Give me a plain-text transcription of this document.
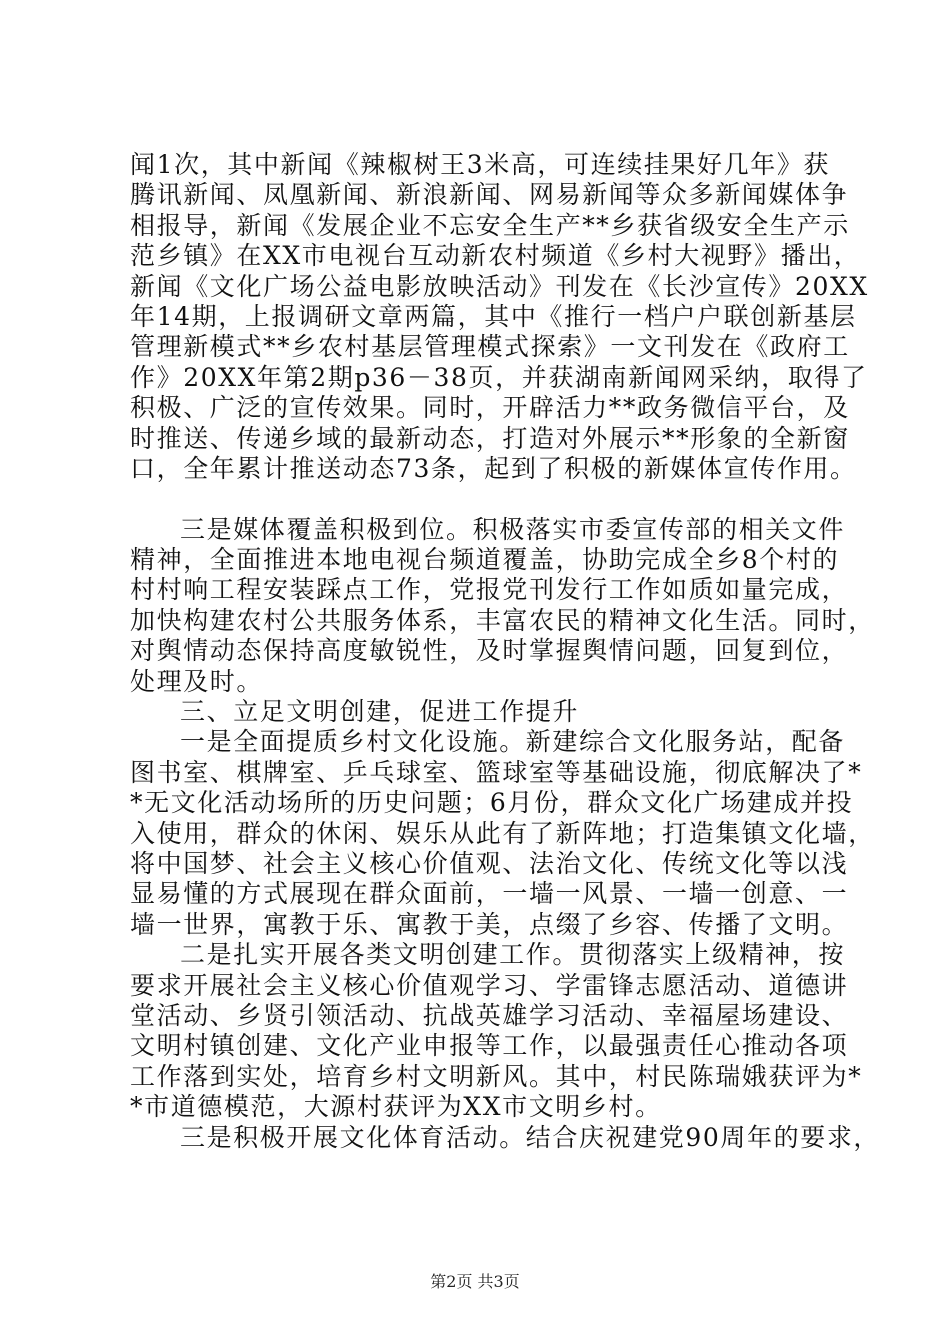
闻1次，其中新闻《辣椒树王3米高，可连续挂果好几年》获
腾讯新闻、凤凰新闻、新浪新闻、网易新闻等众多新闻媒体争
相报导，新闻《发展企业不忘安全生产**乡获省级安全生产示
范乡镇》在XX市电视台互动新农村频道《乡村大视野》播出，
新闻《文化广场公益电影放映活动》刊发在《长沙宣传》20XX
年14期，上报调研文章两篇，其中《推行一档户户联创新基层
管理新模式**乡农村基层管理模式探索》一文刊发在《政府工
作》20XX年第2期p36－38页，并获湖南新闻网采纳，取得了
积极、广泛的宣传效果。同时，开辟活力**政务微信平台，及
时推送、传递乡域的最新动态，打造对外展示**形象的全新窗
口，全年累计推送动态73条，起到了积极的新媒体宣传作用。
三是媒体覆盖积极到位。积极落实市委宣传部的相关文件
精神，全面推进本地电视台频道覆盖，协助完成全乡8个村的
村村响工程安装踩点工作，党报党刊发行工作如质如量完成，
加快构建农村公共服务体系，丰富农民的精神文化生活。同时，
对舆情动态保持高度敏锐性，及时掌握舆情问题，回复到位，
处理及时。
三、立足文明创建，促进工作提升
一是全面提质乡村文化设施。新建综合文化服务站，配备
图书室、棋牌室、乒乓球室、篮球室等基础设施，彻底解决了*
*无文化活动场所的历史问题；6月份，群众文化广场建成并投
入使用，群众的休闲、娱乐从此有了新阵地；打造集镇文化墙，
将中国梦、社会主义核心价值观、法治文化、传统文化等以浅
显易懂的方式展现在群众面前，一墙一风景、一墙一创意、一
墙一世界，寓教于乐、寓教于美，点缀了乡容、传播了文明。
二是扎实开展各类文明创建工作。贯彻落实上级精神，按
要求开展社会主义核心价值观学习、学雷锋志愿活动、道德讲
堂活动、乡贤引领活动、抗战英雄学习活动、幸福屋场建设、
文明村镇创建、文化产业申报等工作，以最强责任心推动各项
工作落到实处，培育乡村文明新风。其中，村民陈瑞娥获评为*
*市道德模范，大源村获评为XX市文明乡村。
三是积极开展文化体育活动。结合庆祝建党90周年的要求，
第2页 共3页
